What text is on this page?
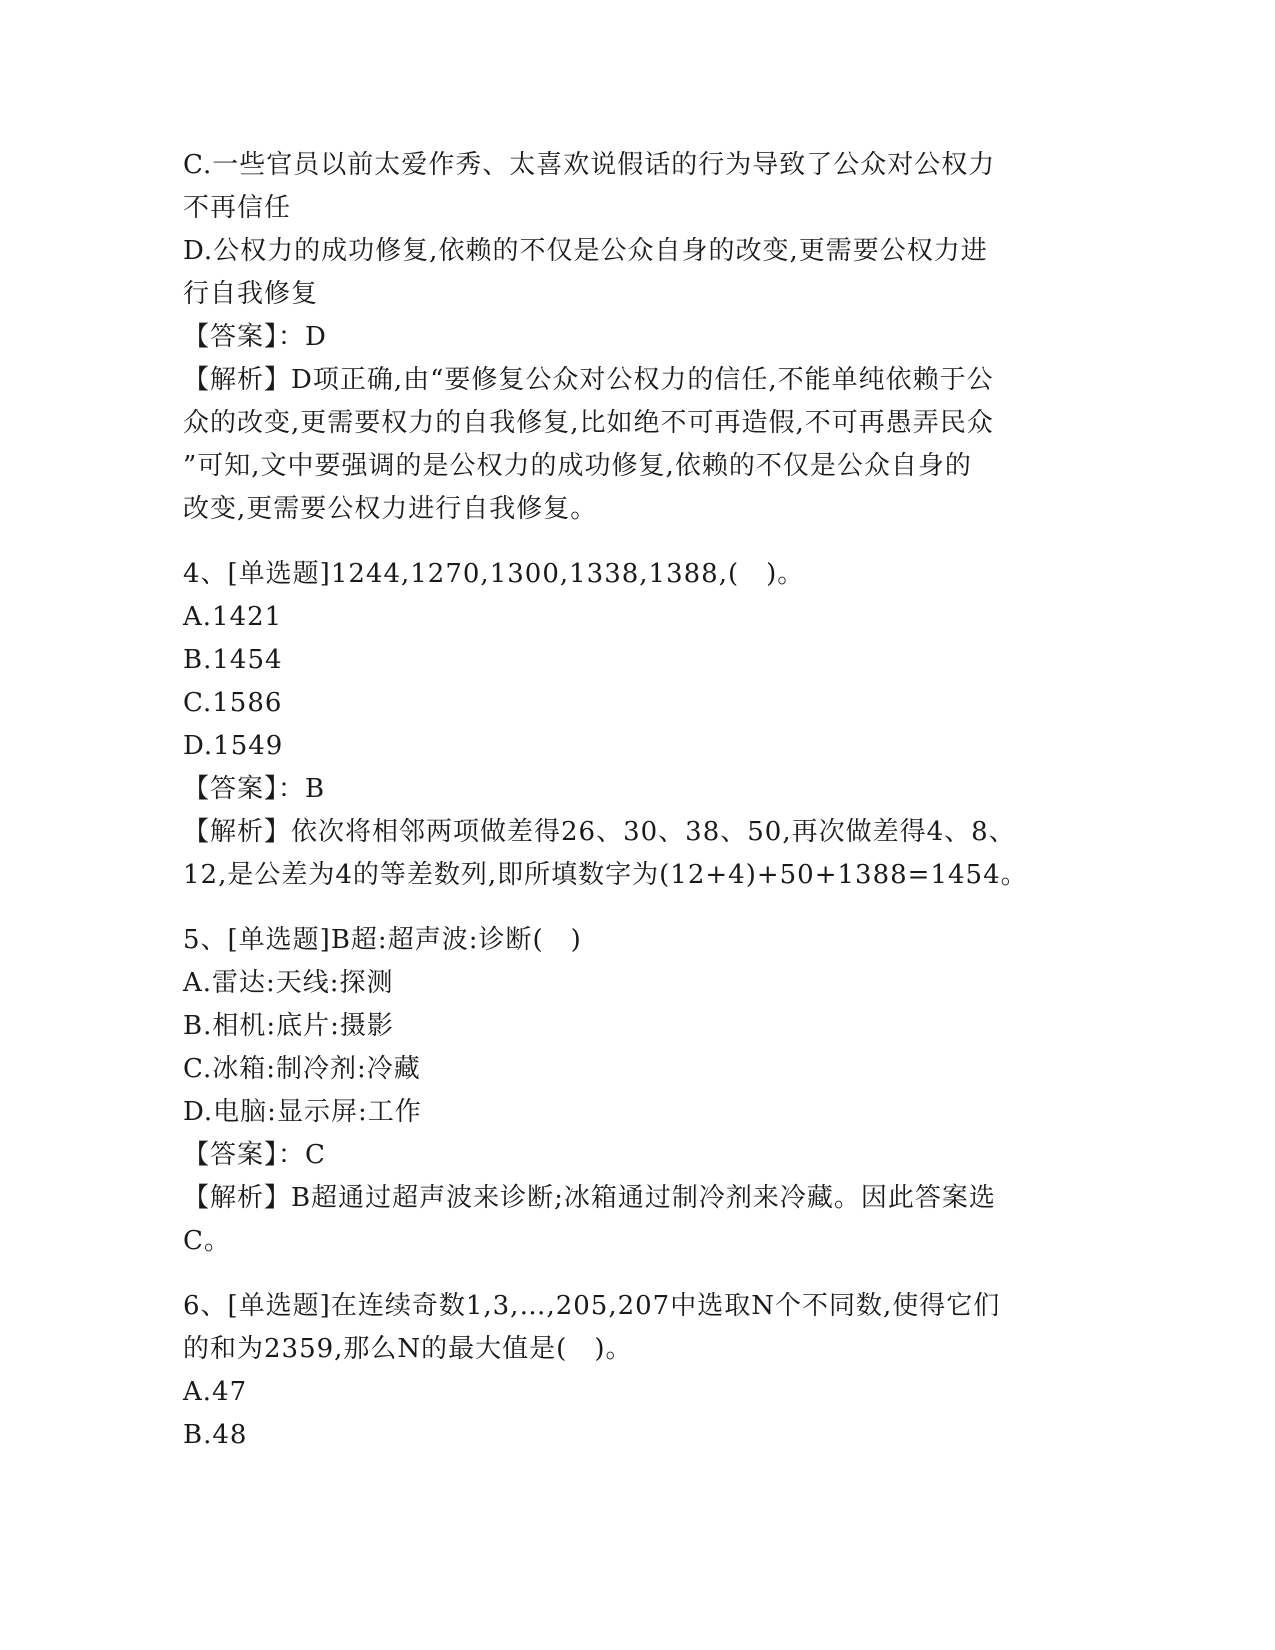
C.一些官员以前太爱作秀、太喜欢说假话的行为导致了公众对公权力
不再信任
D.公权力的成功修复,依赖的不仅是公众自身的改变,更需要公权力进
行自我修复
【答案】：D
【解析】D项正确,由“要修复公众对公权力的信任,不能单纯依赖于公
众的改变,更需要权力的自我修复,比如绝不可再造假,不可再愚弄民众
”可知,文中要强调的是公权力的成功修复,依赖的不仅是公众自身的
改变,更需要公权力进行自我修复。
4、[单选题]1244,1270,1300,1338,1388,(　)。
A.1421
B.1454
C.1586
D.1549
【答案】：B
【解析】依次将相邻两项做差得26、30、38、50,再次做差得4、8、
12,是公差为4的等差数列,即所填数字为(12+4)+50+1388=1454。
5、[单选题]B超:超声波:诊断(　)
A.雷达:天线:探测
B.相机:底片:摄影
C.冰箱:制冷剂:冷藏
D.电脑:显示屏:工作
【答案】：C
【解析】B超通过超声波来诊断;冰箱通过制冷剂来冷藏。因此答案选
C。
6、[单选题]在连续奇数1,3,…,205,207中选取N个不同数,使得它们
的和为2359,那么N的最大值是(　)。
A.47
B.48
